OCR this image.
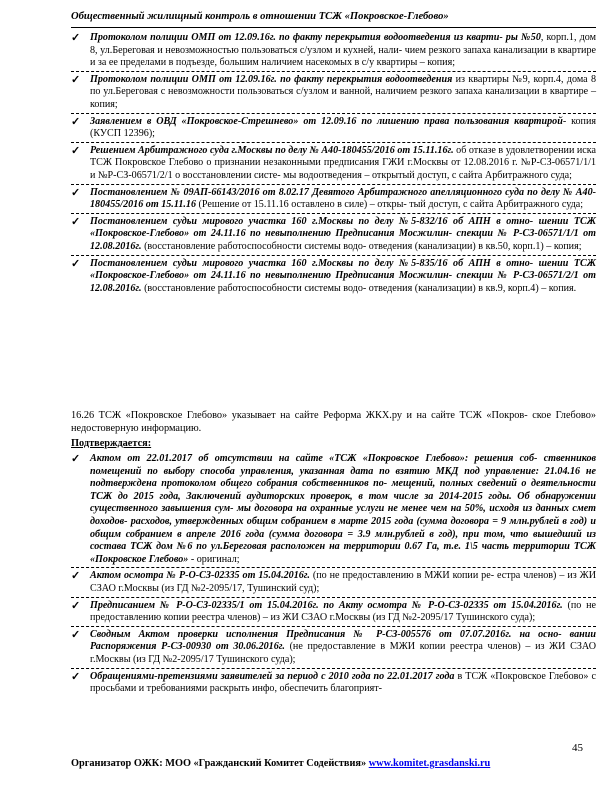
Общественный жилищный контроль в отношении ТСЖ «Покровское-Глебово»
✓ Протоколом полиции ОМП от 12.09.16г. по факту перекрытия водоотведения из кварти- ры №50, корп.1, дом 8, ул.Береговая и невозможностью пользоваться с/узлом и кухней, нали- чием резкого запаха канализации в квартире и за ее пределами в подъезде, большим наличием насекомых в с/у квартиры – копия;
✓ Протоколом полиции ОМП от 12.09.16г. по факту перекрытия водоотведения из квартиры №9, корп.4, дома 8 по ул.Береговая с невозможности пользоваться с/узлом и ванной, наличием резкого запаха канализации в квартире – копия;
✓ Заявлением в ОВД «Покровское-Стрешнево» от 12.09.16 по лишению права пользования квартирой- копия (КУСП 12396);
✓ Решением Арбитражного суда г.Москвы по делу № А40-180455/2016 от 15.11.16г. об отказе в удовлетворении иска ТСЖ Покровское Глебово о признании незаконными предписания ГЖИ г.Москвы от 12.08.2016 г. №Р-СЗ-06571/1/1 и №Р-СЗ-06571/2/1 о восстановлении систе- мы водоотведения – открытый доступ, с сайта Арбитражного суда;
✓ Постановлением № 09АП-66143/2016 от 8.02.17 Девятого Арбитражного апелляционного суда по делу № А40-180455/2016 от 15.11.16 (Решение от 15.11.16 оставлено в силе) – откры- тый доступ, с сайта Арбитражного суда;
✓ Постановлением судьи мирового участка 160 г.Москвы по делу №5-832/16 об АПН в отно- шении ТСЖ «Покровское-Глебово» от 24.11.16 по невыполнению Предписания Мосжилин- спекции № Р-СЗ-06571/1/1 от 12.08.2016г. (восстановление работоспособности системы водо- отведения (канализации) в кв.50, корп.1) – копия;
✓ Постановлением судьи мирового участка 160 г.Москвы по делу №5-835/16 об АПН в отно- шении ТСЖ «Покровское-Глебово» от 24.11.16 по невыполнению Предписания Мосжилин- спекции № Р-СЗ-06571/2/1 от 12.08.2016г. (восстановление работоспособности системы водо- отведения (канализации) в кв.9, корп.4) – копия.
16.26 ТСЖ «Покровское Глебово» указывает на сайте Реформа ЖКХ.ру и на сайте ТСЖ «Покров- ское Глебово» недостоверную информацию.
Подтверждается:
✓ Актом от 22.01.2017 об отсутствии на сайте «ТСЖ «Покровское Глебово»: решения соб- ственников помещений по выбору способа управления, указанная дата по взятию МКД под управление: 21.04.16 не подтверждена протоколом общего собрания собственников по- мещений, полных сведений о деятельности ТСЖ до 2015 года, Заключений аудиторских проверок, в том числе за 2014-2015 годы. Об обнаружении существенного завышения сум- мы договора на охранные услуги не менее чем на 50%, исходя из данных смет доходов- расходов, утвержденных общим собранием в марте 2015 года (сумма договора = 9 млн.рублей в год) и общим собранием в апреле 2016 года (сумма договора = 3.9 млн.рублей в год), при том, что вышедший из состава ТСЖ дом №6 по ул.Береговая расположен на территории 0.67 Га, т.е. 1\5 часть территории ТСЖ «Покровское Глебово» - оригинал;
✓ Актом осмотра № Р-О-СЗ-02335 от 15.04.2016г. (по не предоставлению в МЖИ копии ре- естра членов) – из ЖИ СЗАО г.Москвы (из ГД №2-2095/17, Тушинский суд);
✓ Предписанием № Р-О-СЗ-02335/1 от 15.04.2016г. по Акту осмотра № Р-О-СЗ-02335 от 15.04.2016г. (по не предоставлению копии реестра членов) – из ЖИ СЗАО г.Москвы (из ГД №2-2095/17 Тушинского суда);
✓ Сводным Актом проверки исполнения Предписания № Р-СЗ-005576 от 07.07.2016г. на осно- вании Распоряжения Р-СЗ-00930 от 30.06.2016г. (не предоставление в МЖИ копии реестра членов) – из ЖИ СЗАО г.Москвы (из ГД №2-2095/17 Тушинского суда);
✓ Обращениями-претензиями заявителей за период с 2010 года по 22.01.2017 года в ТСЖ «Покровское Глебово» с просьбами и требованиями раскрыть инфо, обеспечить благоприят-
45
Организатор ОЖК: МОО «Гражданский Комитет Содействия» www.komitet.grasdanski.ru
